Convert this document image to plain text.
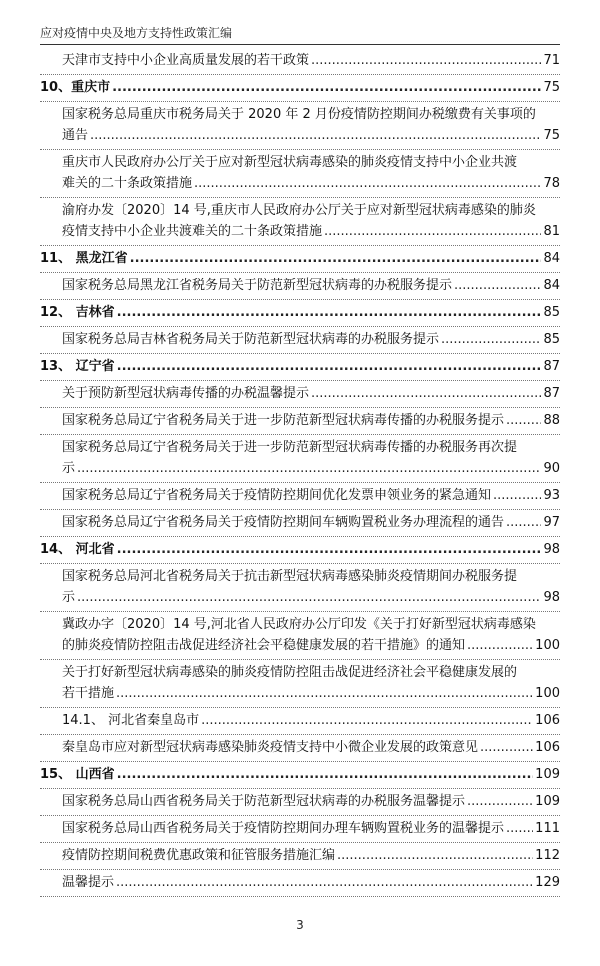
应对疫情中央及地方支持性政策汇编
天津市支持中小企业高质量发展的若干政策 .....	71
10、重庆市 .....	75
国家税务总局重庆市税务局关于 2020 年 2 月份疫情防控期间办税缴费有关事项的
通告 .....	75
重庆市人民政府办公厅关于应对新型冠状病毒感染的肺炎疫情支持中小企业共渡
难关的二十条政策措施 .....	78
渝府办发〔2020〕14 号,重庆市人民政府办公厅关于应对新型冠状病毒感染的肺炎
疫情支持中小企业共渡难关的二十条政策措施 .....	81
11、 黑龙江省 .....	84
国家税务总局黑龙江省税务局关于防范新型冠状病毒的办税服务提示 .....	84
12、 吉林省 .....	85
国家税务总局吉林省税务局关于防范新型冠状病毒的办税服务提示 .....	85
13、 辽宁省 .....	87
关于预防新型冠状病毒传播的办税温馨提示 .....	87
国家税务总局辽宁省税务局关于进一步防范新型冠状病毒传播的办税服务提示 .....	88
国家税务总局辽宁省税务局关于进一步防范新型冠状病毒传播的办税服务再次提
示 .....	90
国家税务总局辽宁省税务局关于疫情防控期间优化发票申领业务的紧急通知 .....	93
国家税务总局辽宁省税务局关于疫情防控期间车辆购置税业务办理流程的通告 .....	97
14、 河北省 .....	98
国家税务总局河北省税务局关于抗击新型冠状病毒感染肺炎疫情期间办税服务提
示 .....	98
冀政办字〔2020〕14 号,河北省人民政府办公厅印发《关于打好新型冠状病毒感染
的肺炎疫情防控阻击战促进经济社会平稳健康发展的若干措施》的通知 .....	100
关于打好新型冠状病毒感染的肺炎疫情防控阻击战促进经济社会平稳健康发展的
若干措施 .....	100
14.1、 河北省秦皇岛市 .....	106
秦皇岛市应对新型冠状病毒感染肺炎疫情支持中小微企业发展的政策意见 .....	106
15、 山西省 .....	109
国家税务总局山西省税务局关于防范新型冠状病毒的办税服务温馨提示 .....	109
国家税务总局山西省税务局关于疫情防控期间办理车辆购置税业务的温馨提示 ..... 111
疫情防控期间税费优惠政策和征管服务措施汇编 .....	112
温馨提示 .....	129
3
